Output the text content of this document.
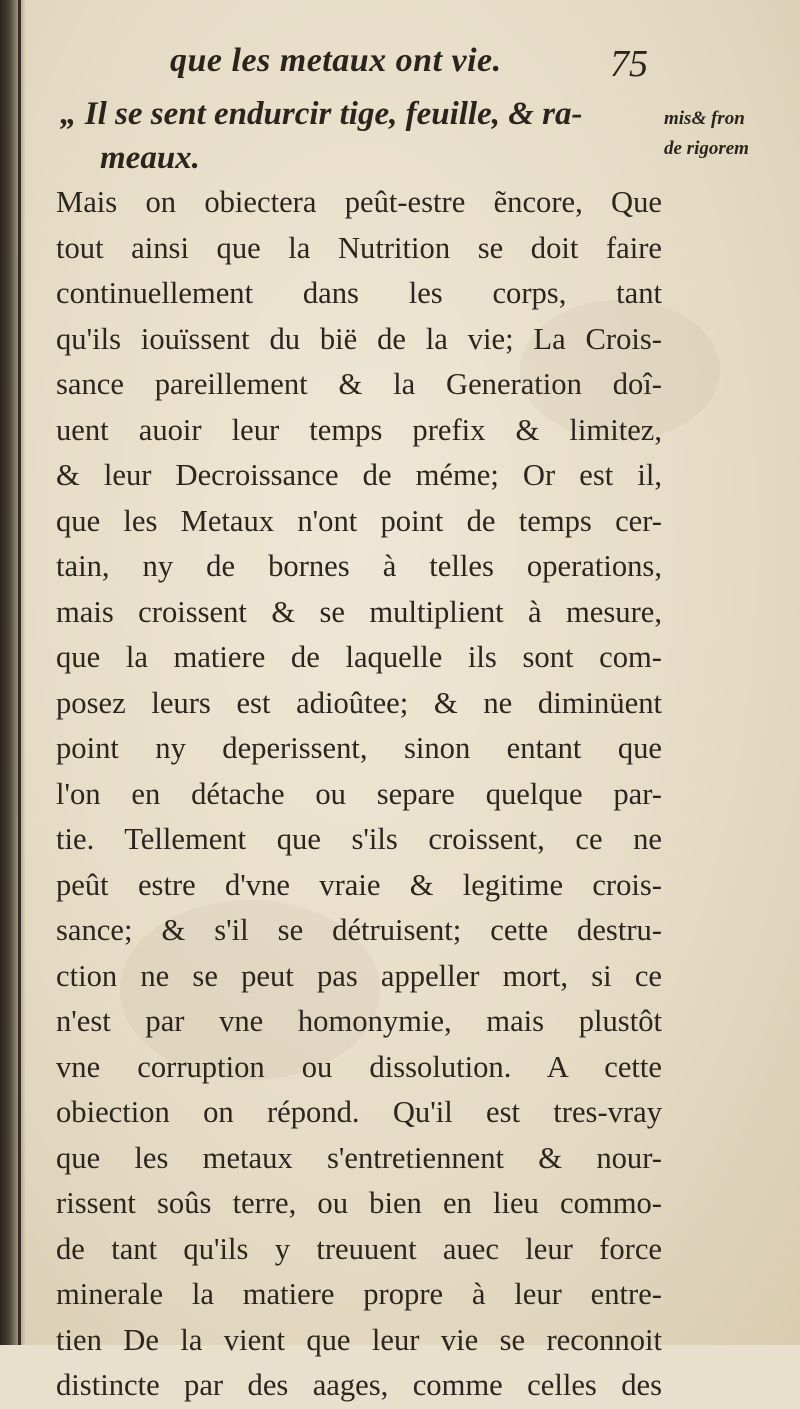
que les metaux ont vie.	75
„ Il se sent endurcir tige, feuille, & ra-
meaux.
mis& fron
de rigorem
Mais on obiectera peût-estre ẽncore, Que
tout ainsi que la Nutrition se doit faire
continuellement dans les corps, tant
qu'ils iouïssent du bië de la vie; La Crois-
sance pareillement & la Generation doî-
uent auoir leur temps prefix & limitez,
& leur Decroissance de méme; Or est il,
que les Metaux n'ont point de temps cer-
tain, ny de bornes à telles operations,
mais croissent & se multiplient à mesure,
que la matiere de laquelle ils sont com-
posez leurs est adioûtee; & ne diminüent
point ny deperissent, sinon entant que
l'on en détache ou separe quelque par-
tie. Tellement que s'ils croissent, ce ne
peût estre d'vne vraie & legitime crois-
sance; & s'il se détruisent; cette destru-
ction ne se peut pas appeller mort, si ce
n'est par vne homonymie, mais plustôt
vne corruption ou dissolution. A cette
obiection on répond. Qu'il est tres-vray
que les metaux s'entretiennent & nour-
rissent soûs terre, ou bien en lieu commo-
de tant qu'ils y treuuent auec leur force
minerale la matiere propre à leur entre-
tien De la vient que leur vie se reconnoit
distincte par des aages, comme celles des
